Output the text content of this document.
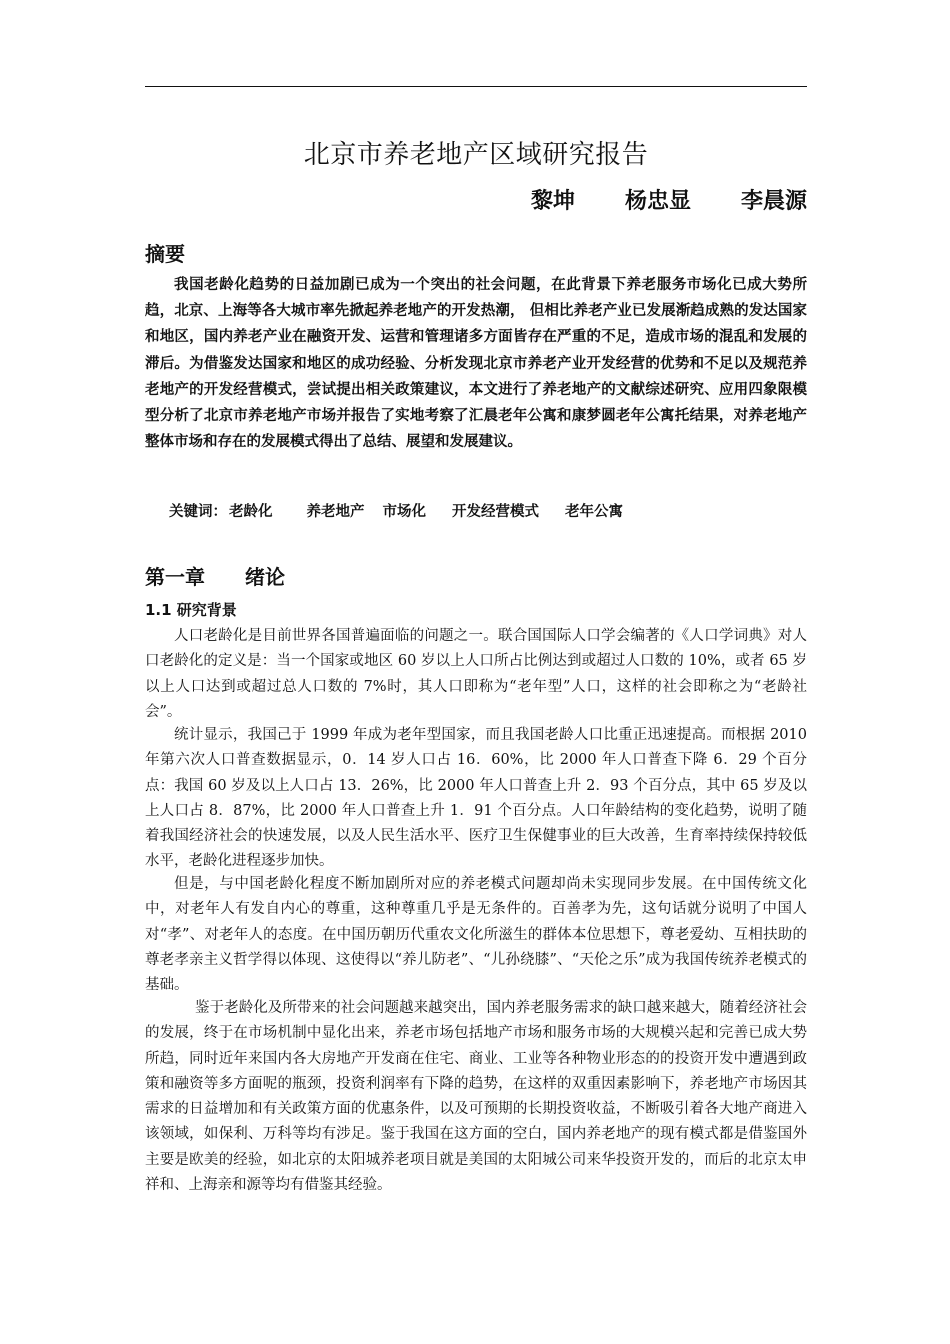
北京市养老地产区域研究报告
黎坤 杨忠显 李晨源
摘要

我国老龄化趋势的日益加剧已成为一个突出的社会问题，在此背景下养老服务市场化已成大势所趋，北京、上海等各大城市率先掀起养老地产的开发热潮， 但相比养老产业已发展渐趋成熟的发达国家和地区，国内养老产业在融资开发、运营和管理诸多方面皆存在严重的不足，造成市场的混乱和发展的滞后。为借鉴发达国家和地区的成功经验、分析发现北京市养老产业开发经营的优势和不足以及规范养老地产的开发经营模式，尝试提出相关政策建议，本文进行了养老地产的文献综述研究、应用四象限模型分析了北京市养老地产市场并报告了实地考察了汇晨老年公寓和康梦圆老年公寓托结果，对养老地产整体市场和存在的发展模式得出了总结、展望和发展建议。

关键词： 老龄化 养老地产 市场化 开发经营模式 老年公寓
第一章 绪论
1.1 研究背景

人口老龄化是目前世界各国普遍面临的问题之一。联合国国际人口学会编著的《人口学词典》对人口老龄化的定义是：当一个国家或地区 60 岁以上人口所占比例达到或超过人口数的 10%，或者 65 岁以上人口达到或超过总人口数的 7%时，其人口即称为“老年型”人口，这样的社会即称之为“老龄社会”。

统计显示，我国己于 1999 年成为老年型国家，而且我国老龄人口比重正迅速提高。而根据 2010 年第六次人口普查数据显示，0．14 岁人口占 16．60%，比 2000 年人口普查下降 6．29 个百分点：我国 60 岁及以上人口占 13．26%，比 2000 年人口普查上升 2．93 个百分点，其中 65 岁及以上人口占 8．87%，比 2000 年人口普查上升 1．91 个百分点。人口年龄结构的变化趋势，说明了随着我国经济社会的快速发展，以及人民生活水平、医疗卫生保健事业的巨大改善，生育率持续保持较低水平，老龄化进程逐步加快。

但是，与中国老龄化程度不断加剧所对应的养老模式问题却尚未实现同步发展。在中国传统文化中，对老年人有发自内心的尊重，这种尊重几乎是无条件的。百善孝为先，这句话就分说明了中国人对“孝”、对老年人的态度。在中国历朝历代重农文化所滋生的群体本位思想下，尊老爱幼、互相扶助的尊老孝亲主义哲学得以体现、这使得以“养儿防老”、“儿孙绕膝”、“天伦之乐”成为我国传统养老模式的基础。

鉴于老龄化及所带来的社会问题越来越突出，国内养老服务需求的缺口越来越大，随着经济社会的发展，终于在市场机制中显化出来，养老市场包括地产市场和服务市场的大规模兴起和完善已成大势所趋，同时近年来国内各大房地产开发商在住宅、商业、工业等各种物业形态的的投资开发中遭遇到政策和融资等多方面呢的瓶颈，投资利润率有下降的趋势，在这样的双重因素影响下，养老地产市场因其需求的日益增加和有关政策方面的优惠条件，以及可预期的长期投资收益，不断吸引着各大地产商进入该领域，如保利、万科等均有涉足。鉴于我国在这方面的空白，国内养老地产的现有模式都是借鉴国外主要是欧美的经验，如北京的太阳城养老项目就是美国的太阳城公司来华投资开发的，而后的北京太申祥和、上海亲和源等均有借鉴其经验。
